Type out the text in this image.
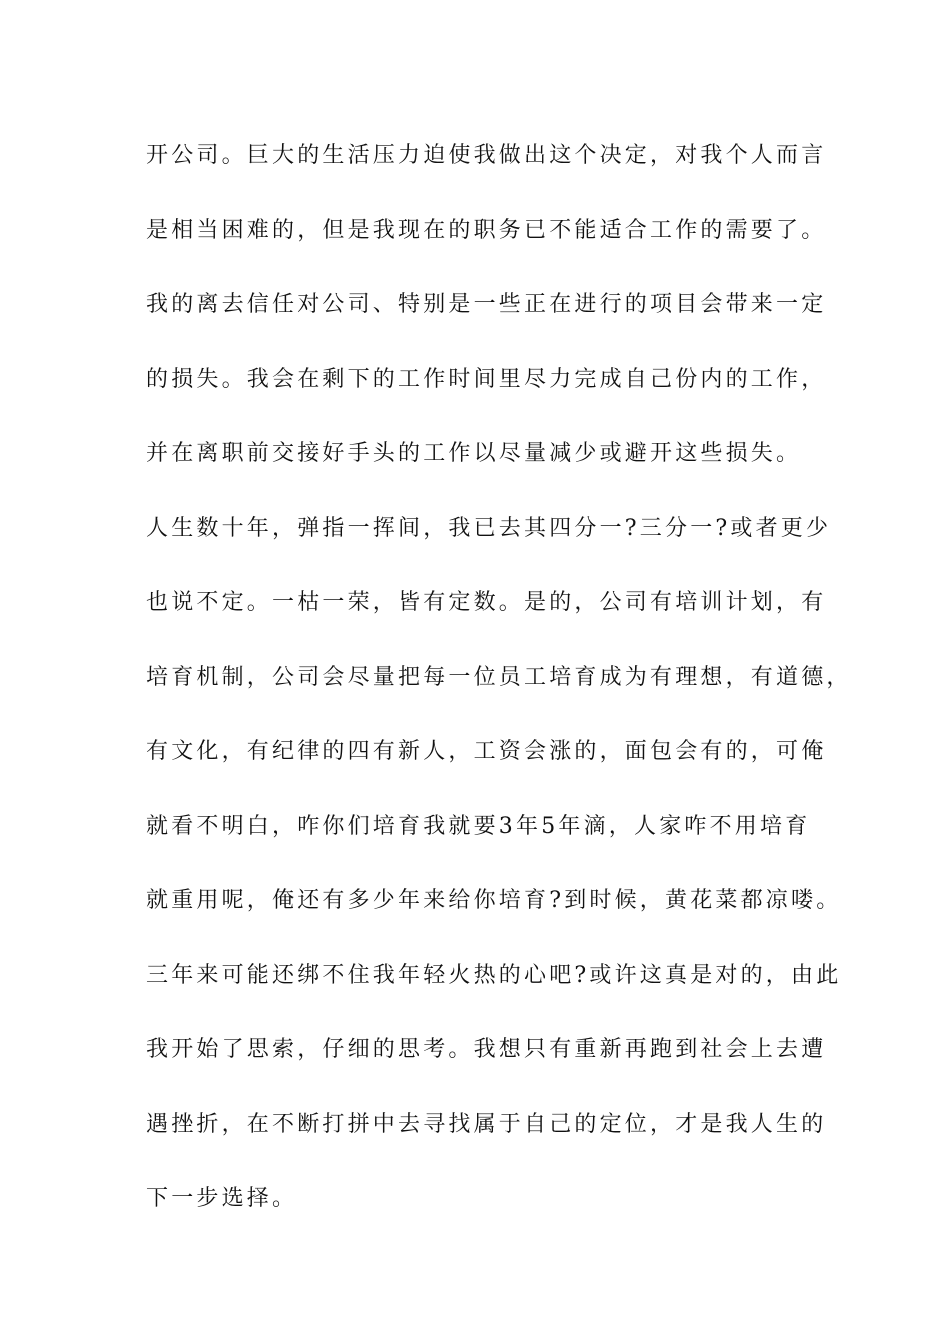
开公司。巨大的生活压力迫使我做出这个决定，对我个人而言
是相当困难的，但是我现在的职务已不能适合工作的需要了。
我的离去信任对公司、特别是一些正在进行的项目会带来一定
的损失。我会在剩下的工作时间里尽力完成自己份内的工作，
并在离职前交接好手头的工作以尽量减少或避开这些损失。
人生数十年，弹指一挥间，我已去其四分一?三分一?或者更少
也说不定。一枯一荣，皆有定数。是的，公司有培训计划，有
培育机制，公司会尽量把每一位员工培育成为有理想，有道德，
有文化，有纪律的四有新人，工资会涨的，面包会有的，可俺
就看不明白，咋你们培育我就要3年5年滴，人家咋不用培育
就重用呢，俺还有多少年来给你培育?到时候，黄花菜都凉喽。
三年来可能还绑不住我年轻火热的心吧?或许这真是对的，由此
我开始了思索，仔细的思考。我想只有重新再跑到社会上去遭
遇挫折，在不断打拼中去寻找属于自己的定位，才是我人生的
下一步选择。
